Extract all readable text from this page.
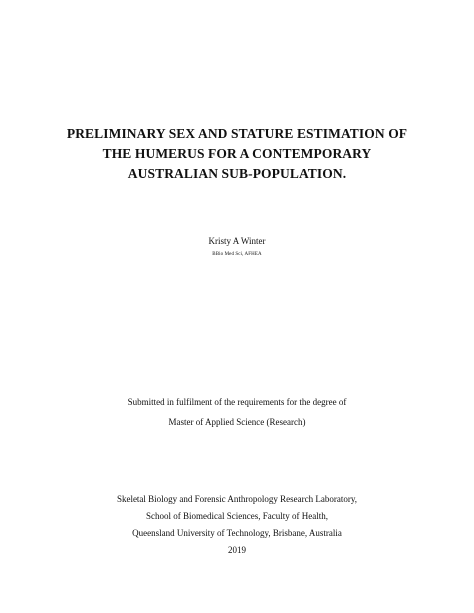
PRELIMINARY SEX AND STATURE ESTIMATION OF
THE HUMERUS FOR A CONTEMPORARY
AUSTRALIAN SUB-POPULATION.
Kristy A Winter
BBio Med Sci, AFHEA
Submitted in fulfilment of the requirements for the degree of
Master of Applied Science (Research)
Skeletal Biology and Forensic Anthropology Research Laboratory,
School of Biomedical Sciences, Faculty of Health,
Queensland University of Technology, Brisbane, Australia
2019
